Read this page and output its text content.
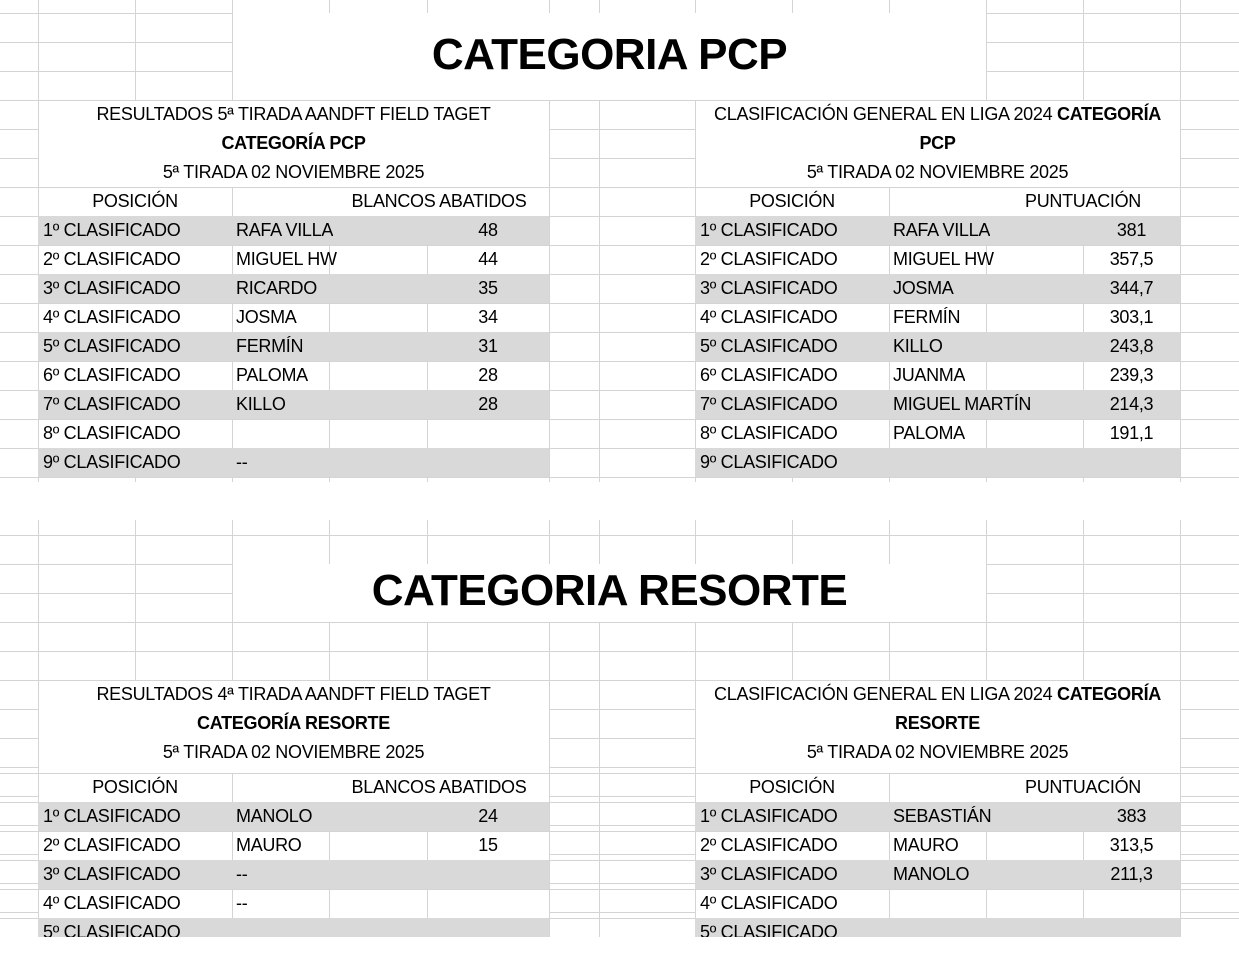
CATEGORIA PCP
RESULTADOS 5ª TIRADA AANDFT FIELD TAGET
CATEGORÍA PCP
5ª TIRADA 02 NOVIEMBRE 2025
POSICIÓN	BLANCOS ABATIDOS
1º CLASIFICADO	RAFA VILLA	48
2º CLASIFICADO	MIGUEL HW	44
3º CLASIFICADO	RICARDO	35
4º CLASIFICADO	JOSMA	34
5º CLASIFICADO	FERMÍN	31
6º CLASIFICADO	PALOMA	28
7º CLASIFICADO	KILLO	28
8º CLASIFICADO
9º CLASIFICADO	--
CLASIFICACIÓN GENERAL EN LIGA 2024 CATEGORÍA
PCP
5ª TIRADA 02 NOVIEMBRE 2025
POSICIÓN	PUNTUACIÓN
1º CLASIFICADO	RAFA VILLA	381
2º CLASIFICADO	MIGUEL HW	357,5
3º CLASIFICADO	JOSMA	344,7
4º CLASIFICADO	FERMÍN	303,1
5º CLASIFICADO	KILLO	243,8
6º CLASIFICADO	JUANMA	239,3
7º CLASIFICADO	MIGUEL MARTÍN	214,3
8º CLASIFICADO	PALOMA	191,1
9º CLASIFICADO
CATEGORIA RESORTE
RESULTADOS 4ª TIRADA AANDFT FIELD TAGET
CATEGORÍA RESORTE
5ª TIRADA 02 NOVIEMBRE 2025
POSICIÓN	BLANCOS ABATIDOS
1º CLASIFICADO	MANOLO	24
2º CLASIFICADO	MAURO	15
3º CLASIFICADO	--
4º CLASIFICADO	--
5º CLASIFICADO
CLASIFICACIÓN GENERAL EN LIGA 2024 CATEGORÍA
RESORTE
5ª TIRADA 02 NOVIEMBRE 2025
POSICIÓN	PUNTUACIÓN
1º CLASIFICADO	SEBASTIÁN	383
2º CLASIFICADO	MAURO	313,5
3º CLASIFICADO	MANOLO	211,3
4º CLASIFICADO
5º CLASIFICADO
